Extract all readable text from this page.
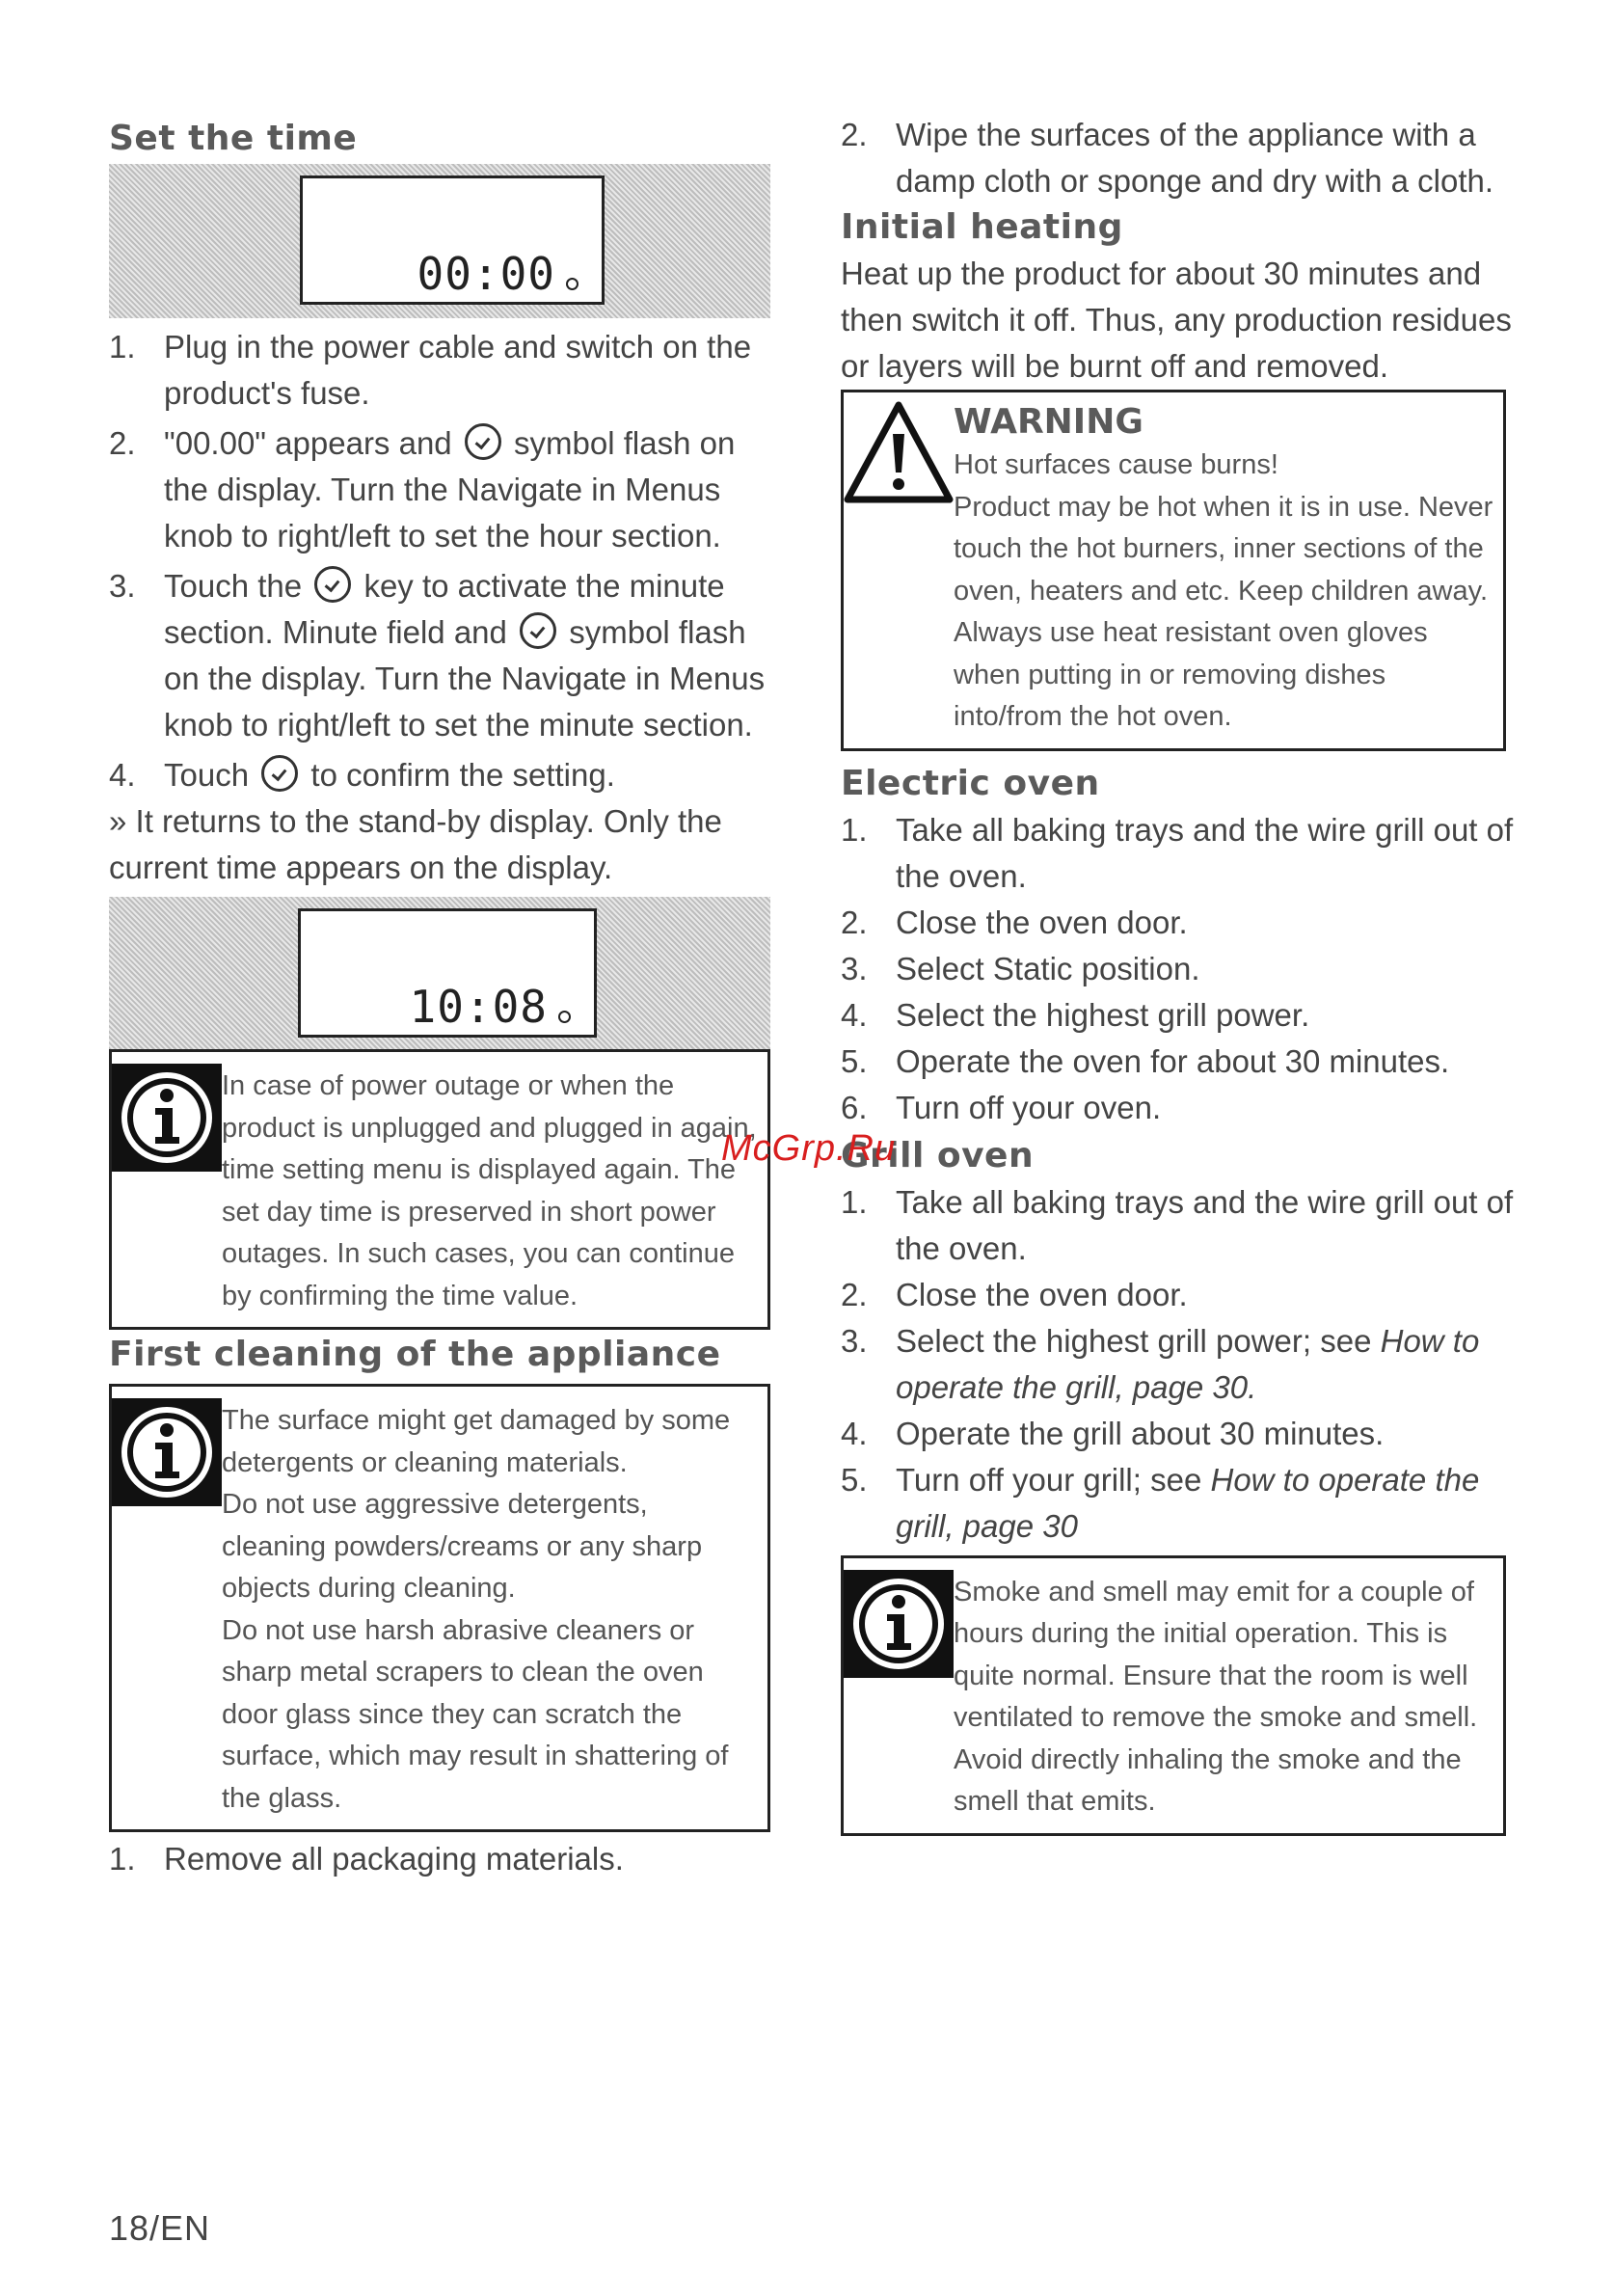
Set the time
00:00
1. Plug in the power cable and switch on the product's fuse.
2. "00.00" appears and symbol flash on the display. Turn the Navigate in Menus knob to right/left to set the hour section.
3. Touch the key to activate the minute section. Minute field and symbol flash on the display. Turn the Navigate in Menus knob to right/left to set the minute section.
4. Touch to confirm the setting.

» It returns to the stand-by display. Only the current time appears on the display.

10:08

In case of power outage or when the product is unplugged and plugged in again, time setting menu is displayed again. The set day time is preserved in short power outages. In such cases, you can continue by confirming the time value.

First cleaning of the appliance

The surface might get damaged by some detergents or cleaning materials.

Do not use aggressive detergents, cleaning powders/creams or any sharp objects during cleaning.

Do not use harsh abrasive cleaners or sharp metal scrapers to clean the oven door glass since they can scratch the surface, which may result in shattering of the glass.

1. Remove all packaging materials.
2. Wipe the surfaces of the appliance with a damp cloth or sponge and dry with a cloth.
Initial heating

Heat up the product for about 30 minutes and then switch it off. Thus, any production residues or layers will be burnt off and removed.

WARNING

Hot surfaces cause burns!

Product may be hot when it is in use. Never touch the hot burners, inner sections of the oven, heaters and etc. Keep children away.

Always use heat resistant oven gloves when putting in or removing dishes into/from the hot oven.

Electric oven
1. Take all baking trays and the wire grill out of the oven.
2. Close the oven door.
3. Select Static position.
4. Select the highest grill power.
5. Operate the oven for about 30 minutes.
6. Turn off your oven.
Grill oven
1. Take all baking trays and the wire grill out of the oven.
2. Close the oven door.
3. Select the highest grill power; see How to operate the grill, page 30.
4. Operate the grill about 30 minutes.
5. Turn off your grill; see How to operate the grill, page 30

Smoke and smell may emit for a couple of hours during the initial operation. This is quite normal. Ensure that the room is well ventilated to remove the smoke and smell. Avoid directly inhaling the smoke and the smell that emits.

McGrp.Ru
18/EN
